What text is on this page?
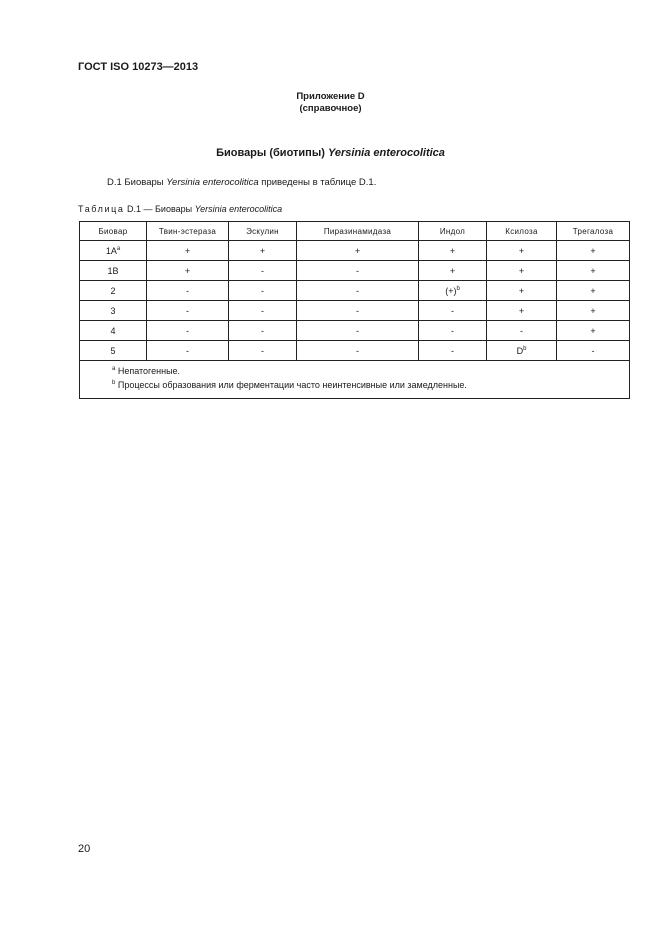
ГОСТ ISO 10273—2013
Приложение D
(справочное)
Биовары (биотипы) Yersinia enterocolitica
D.1 Биовары Yersinia enterocolitica приведены в таблице D.1.
Таблица D.1 — Биовары Yersinia enterocolitica
Биовар	Твин-эстераза	Эскулин	Пиразинамидаза	Индол	Ксилоза	Трегалоза
$1A^a$	+	+	+	+	+	+
1B	+	-	-	+	+	+
2	-	-	-	$(+)^b$	+	+
3	-	-	-	-	+	+
4	-	-	-	-	-	+
5	-	-	-	-	$D^b$	-

$^a$ Непатогенные.
$^b$ Процессы образования или ферментации часто неинтенсивные или замедленные.						
20
